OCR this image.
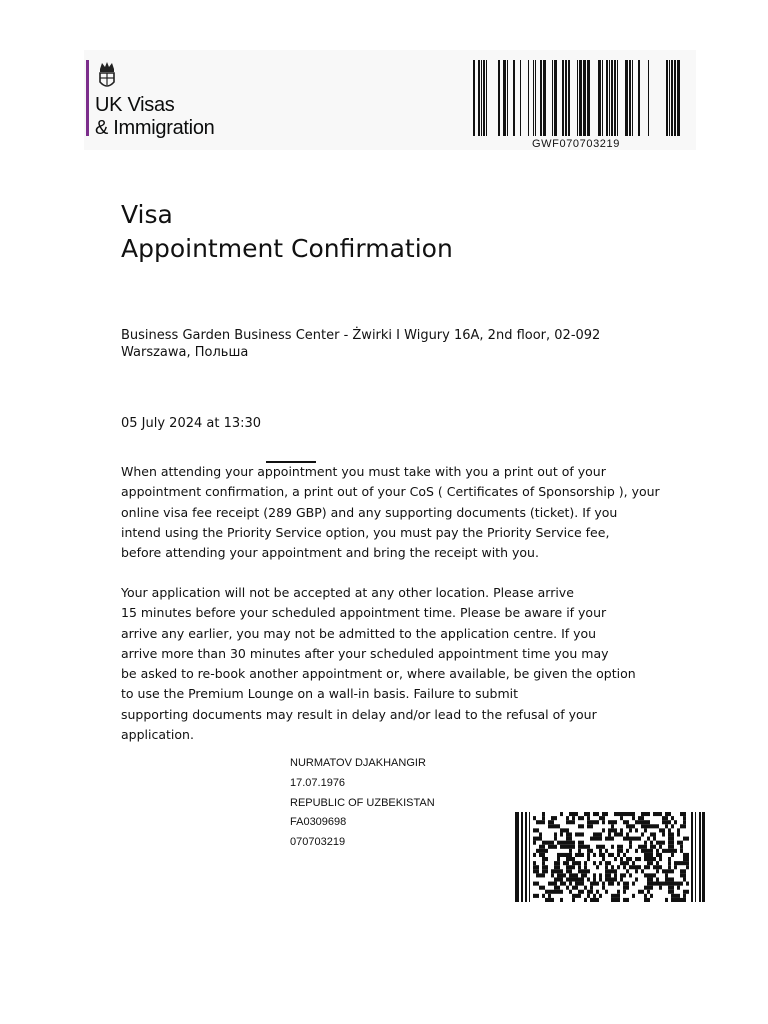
UK Visas
& Immigration
GWF070703219
Visa
Appointment Confirmation
Business Garden Business Center - Żwirki I Wigury 16A, 2nd floor, 02-092
Warszawa, Польша
05 July 2024 at 13:30
When attending your appointment you must take with you a print out of your
appointment confirmation, a print out of your CoS ( Certificates of Sponsorship ), your
online visa fee receipt (289 GBP) and any supporting documents (ticket). If you
intend using the Priority Service option, you must pay the Priority Service fee,
before attending your appointment and bring the receipt with you.
Your application will not be accepted at any other location. Please arrive
15 minutes before your scheduled appointment time. Please be aware if your
arrive any earlier, you may not be admitted to the application centre. If you
arrive more than 30 minutes after your scheduled appointment time you may
be asked to re-book another appointment or, where available, be given the option
to use the Premium Lounge on a wall-in basis. Failure to submit
supporting documents may result in delay and/or lead to the refusal of your
application.
NURMATOV DJAKHANGIR
17.07.1976
REPUBLIC OF UZBEKISTAN
FA0309698
070703219
